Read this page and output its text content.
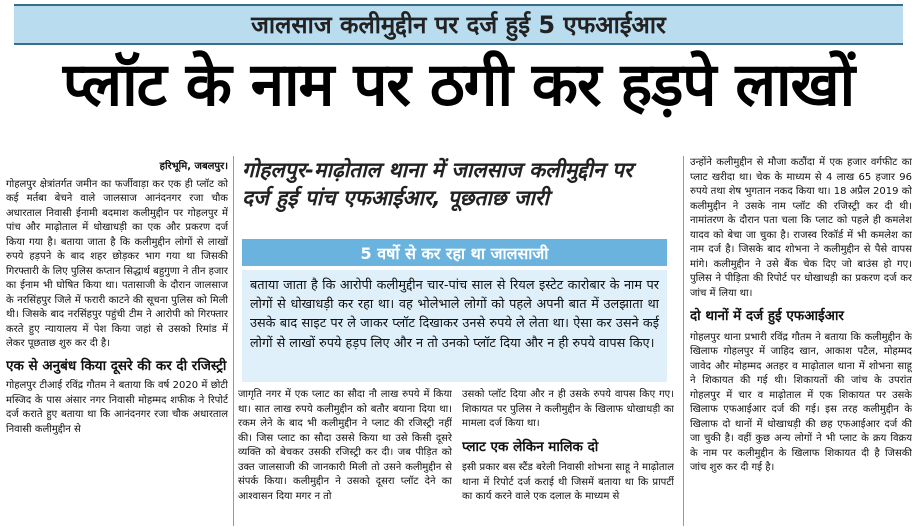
जालसाज कलीमुद्दीन पर दर्ज हुई 5 एफआईआर
प्लॉट के नाम पर ठगी कर हड़पे लाखों
हरिभूमि, जबलपुर।

गोहलपुर क्षेत्रांतर्गत जमीन का फर्जीवाड़ा कर एक ही प्लॉट को कई मर्तबा बेचने वाले जालसाज आनंदनगर रजा चौक अधारताल निवासी ईनामी बदमाश कलीमुद्दीन पर गोहलपुर में पांच और माढ़ोताल में धोखाधड़ी का एक और प्रकरण दर्ज किया गया है। बताया जाता है कि कलीमुद्दीन लोगों से लाखों रुपये हड़पने के बाद शहर छोड़कर भाग गया था जिसकी गिरफ्तारी के लिए पुलिस कप्तान सिद्धार्थ बहुगुणा ने तीन हजार का ईनाम भी घोषित किया था। पतासाजी के दौरान जालसाज के नरसिंहपुर जिले में फरारी काटने की सूचना पुलिस को मिली थी। जिसके बाद नरसिंहपुर पहुंची टीम ने आरोपी को गिरफ्तार करते हुए न्यायालय में पेश किया जहां से उसको रिमांड में लेकर पूछताछ शुरु कर दी है।

एक से अनुबंध किया दूसरे की कर दी रजिस्ट्री

गोहलपुर टीआई रविंद्र गौतम ने बताया कि वर्ष 2020 में छोटी मस्जिद के पास अंसार नगर निवासी मोहम्मद शफीक ने रिपोर्ट दर्ज कराते हुए बताया था कि आनंदनगर रजा चौक अधारताल निवासी कलीमुद्दीन से

गोहलपुर-माढ़ोताल थाना में जालसाज कलीमुद्दीन पर दर्ज हुई पांच एफआईआर, पूछताछ जारी
5 वर्षो से कर रहा था जालसाजी
बताया जाता है कि आरोपी कलीमुद्दीन चार-पांच साल से रियल इस्टेट कारोबार के नाम पर लोगों से धोखाधड़ी कर रहा था। वह भोलेभाले लोगों को पहले अपनी बात में उलझाता था उसके बाद साइट पर ले जाकर प्लॉट दिखाकर उनसे रुपये ले लेता था। ऐसा कर उसने कई लोगों से लाखों रुपये हड़प लिए और न तो उनको प्लॉट दिया और न ही रुपये वापस किए।

जागृति नगर में एक प्लाट का सौदा नौ लाख रुपये में किया था। सात लाख रुपये कलीमुद्दीन को बतौर बयाना दिया था। रकम लेने के बाद भी कलीमुद्दीन ने प्लाट की रजिस्ट्री नहीं की। जिस प्लाट का सौदा उससे किया था उसे किसी दूसरे व्यक्ति को बेचकर उसकी रजिस्ट्री कर दी। जब पीड़ित को उक्त जालसाजी की जानकारी मिली तो उसने कलीमुद्दीन से संपर्क किया। कलीमुद्दीन ने उसको दूसरा प्लॉट देने का आश्वासन दिया मगर न तो

उसको प्लॉट दिया और न ही उसके रुपये वापस किए गए। शिकायत पर पुलिस ने कलीमुद्दीन के खिलाफ धोखाधड़ी का मामला दर्ज किया था।

प्लाट एक लेकिन मालिक दो

इसी प्रकार बस स्टैंड बरेली निवासी शोभना साहू ने माढ़ोताल थाना में रिपोर्ट दर्ज कराई थी जिसमें बताया था कि प्रापर्टी का कार्य करने वाले एक दलाल के माध्यम से

उन्होंने कलीमुद्दीन से मौजा कठौंदा में एक हजार वर्गफीट का प्लाट खरीदा था। चेक के माध्यम से 4 लाख 65 हजार 96 रुपये तथा शेष भुगतान नकद किया था। 18 अप्रैल 2019 को कलीमुद्दीन ने उसके नाम प्लॉट की रजिस्ट्री कर दी थी। नामांतरण के दौरान पता चला कि प्लाट को पहले ही कमलेश यादव को बेचा जा चुका है। राजस्व रिकॉर्ड में भी कमलेश का नाम दर्ज है। जिसके बाद शोभना ने कलीमुद्दीन से पैसे वापस मांगे। कलीमुद्दीन ने उसे बैंक चेक दिए जो बाउंस हो गए। पुलिस ने पीड़िता की रिपोर्ट पर धोखाधड़ी का प्रकरण दर्ज कर जांच में लिया था।

दो थानों में दर्ज हुई एफआईआर

गोहलपुर थाना प्रभारी रविंद्र गौतम ने बताया कि कलीमुद्दीन के खिलाफ गोहलपुर में जाहिद खान, आकाश पटैल, मोहम्मद जावेद और मोहम्मद अतहर व माढ़ोताल थाना में शोभना साहू ने शिकायत की गई थी। शिकायतों की जांच के उपरांत गोहलपुर में चार व माढ़ोताल में एक शिकायत पर उसके खिलाफ एफआईआर दर्ज की गई। इस तरह कलीमुद्दीन के खिलाफ दो थानों में धोखाधड़ी की छह एफआईआर दर्ज की जा चुकी है। वहीं कुछ अन्य लोगों ने भी प्लाट के क्रय विक्रय के नाम पर कलीमुद्दीन के खिलाफ शिकायत दी है जिसकी जांच शुरु कर दी गई है।
